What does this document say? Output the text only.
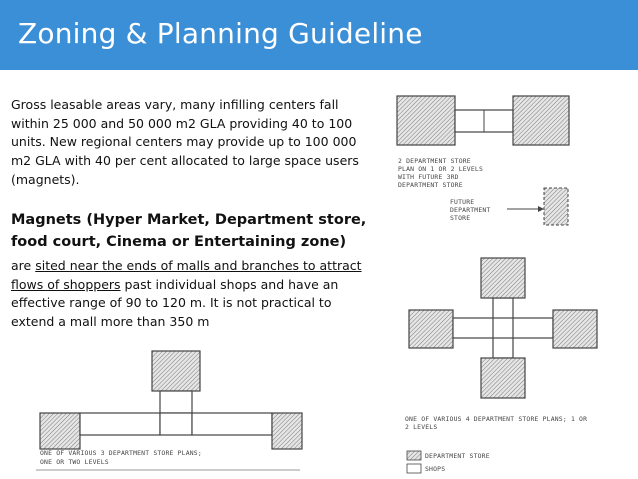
Zoning & Planning Guideline
Gross leasable areas vary, many infilling centers fall within 25 000 and 50 000 m2 GLA providing 40 to 100 units. New regional centers may provide up to 100 000 m2 GLA with 40 per cent allocated to large space users (magnets).
Magnets (Hyper Market, Department store, food court, Cinema or Entertaining zone)
are sited near the ends of malls and branches to attract flows of shoppers past individual shops and have an effective range of 90 to 120 m. It is not practical to extend a mall more than 350 m
2 DEPARTMENT STORE PLAN ON 1 OR 2 LEVELS WITH FUTURE 3RD DEPARTMENT STORE
FUTURE DEPARTMENT STORE
ONE OF VARIOUS 4 DEPARTMENT STORE PLANS; 1 OR 2 LEVELS
DEPARTMENT STORE
SHOPS
ONE OF VARIOUS 3 DEPARTMENT STORE PLANS; ONE OR TWO LEVELS
